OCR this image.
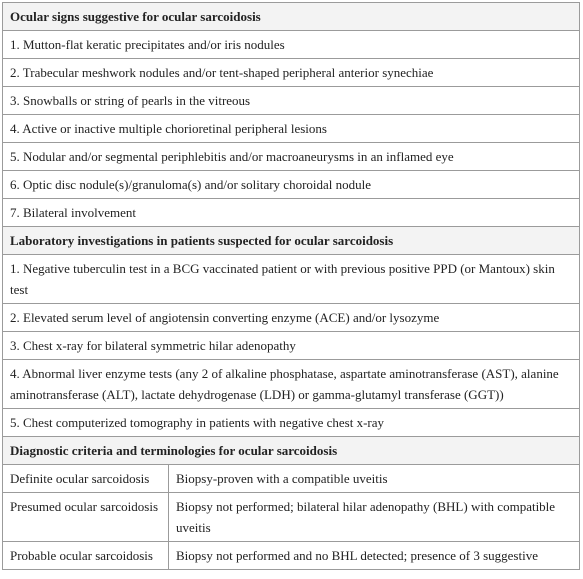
Ocular signs suggestive for ocular sarcoidosis	
1. Mutton-flat keratic precipitates and/or iris nodules	
2. Trabecular meshwork nodules and/or tent-shaped peripheral anterior synechiae	
3. Snowballs or string of pearls in the vitreous	
4. Active or inactive multiple chorioretinal peripheral lesions	
5. Nodular and/or segmental periphlebitis and/or macroaneurysms in an inflamed eye	
6. Optic disc nodule(s)/granuloma(s) and/or solitary choroidal nodule	
7. Bilateral involvement	
Laboratory investigations in patients suspected for ocular sarcoidosis	
1. Negative tuberculin test in a BCG vaccinated patient or with previous positive PPD (or Mantoux) skin test	
2. Elevated serum level of angiotensin converting enzyme (ACE) and/or lysozyme	
3. Chest x-ray for bilateral symmetric hilar adenopathy	
4. Abnormal liver enzyme tests (any 2 of alkaline phosphatase, aspartate aminotransferase (AST), alanine aminotransferase (ALT), lactate dehydrogenase (LDH) or gamma-glutamyl transferase (GGT))	
5. Chest computerized tomography in patients with negative chest x-ray	
Diagnostic criteria and terminologies for ocular sarcoidosis	
Definite ocular sarcoidosis	Biopsy-proven with a compatible uveitis
Presumed ocular sarcoidosis	Biopsy not performed; bilateral hilar adenopathy (BHL) with compatible uveitis
Probable ocular sarcoidosis	Biopsy not performed and no BHL detected; presence of 3 suggestive
